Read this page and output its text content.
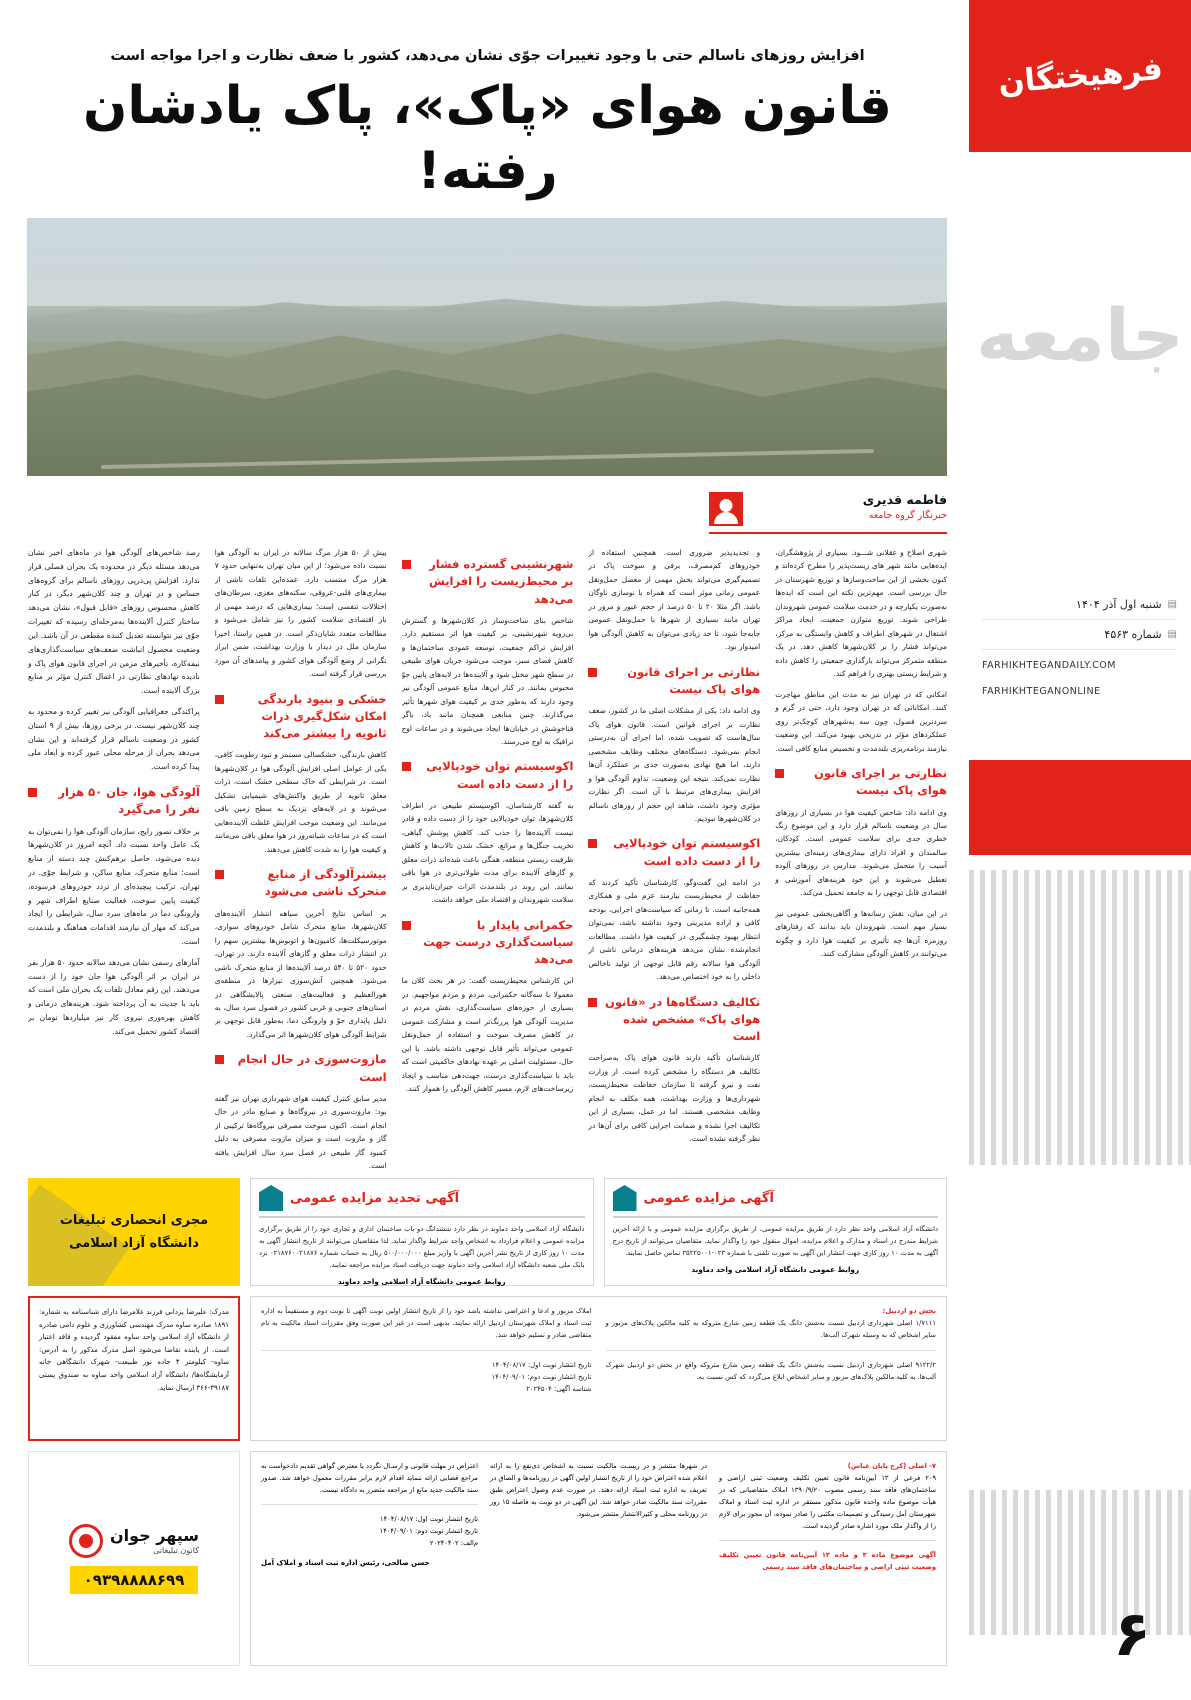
فرهیختگان
جامعه
▤
شنبه اول آذر ۱۴۰۴
▤
شماره ۴۵۶۳
FARHIKHTEGANDAILY.COM
FARHIKHTEGANONLINE
۶
افزایش روزهای ناسالم حتی با وجود تغییرات جوّی نشان می‌دهد، کشور با ضعف نظارت و اجرا مواجه است
قانون هوای «پاک»، پاک یادشان رفته!
فاطمه قدیری
خبرنگار گروه جامعه

رصد شاخص‌های آلودگی هوا در ماه‌های اخیر نشان می‌دهد مسئله دیگر در محدوده یک بحران فصلی قرار ندارد. افزایش پی‌درپی روزهای ناسالم برای گروه‌های حساس و در تهران و چند کلان‌شهر دیگر، در کنار کاهش محسوس روزهای «قابل قبول»، نشان می‌دهد ساختار کنترل آلاینده‌ها به‌مرحله‌ای رسیده که تغییرات جوّی نیز نتوانسته تعدیل کننده مقطعی در آن باشد. این وضعیت محصول انباشت ضعف‌های سیاست‌گذاری‌های نیمه‌کاره، تأخیرهای مزمن در اجرای قانون هوای پاک و نادیده نهادهای نظارتی در اعمال کنترل مؤثر بر منابع بزرگ آلاینده است.

پراکندگی جغرافیایی آلودگی نیز تغییر کرده و محدود به چند کلان‌شهر نیست. در برخی روزها، بیش از ۹ استان کشور در وضعیت ناسالم قرار گرفته‌اند و این نشان می‌دهد بحران از مرحله محلی عبور کرده و ابعاد ملی پیدا کرده است.

آلودگی هوا، جان ۵۰ هزار نفر را می‌گیرد

بر خلاف تصور رایج، سازمان آلودگی هوا را نمی‌توان به یک عامل واحد نسبت داد. آنچه امروز در کلان‌شهرها دیده می‌شود، حاصل برهم‌کنش چند دسته از منابع است: منابع متحرک، منابع ساکن، و شرایط جوّی. در تهران، ترکیب پیچیده‌ای از تردد خودروهای فرسوده، کیفیت پایین سوخت، فعالیت صنایع اطراف شهر و وارونگی دما در ماه‌های سرد سال، شرایطی را ایجاد می‌کند که مهار آن نیازمند اقدامات هماهنگ و بلندمدت است.

آمارهای رسمی نشان می‌دهد سالانه حدود ۵۰ هزار نفر در ایران بر اثر آلودگی هوا جان خود را از دست می‌دهند. این رقم معادل تلفات یک بحران ملی است که باید با جدیت به آن پرداخته شود. هزینه‌های درمانی و کاهش بهره‌وری نیروی کار نیز میلیاردها تومان بر اقتصاد کشور تحمیل می‌کند.

پیش از ۵۰ هزار مرگ سالانه در ایران به آلودگی هوا نسبت داده می‌شود؛ از این میان تهران به‌تنهایی حدود ۷ هزار مرگ منتسب دارد. عمده‌این تلفات ناشی از بیماری‌های قلبی-عروقی، سکته‌های مغزی، سرطان‌های اختلالات تنفسی است؛ بیماری‌هایی که درصد مهمی از بار اقتصادی سلامت کشور را نیز شامل می‌شود و مطالعات متعدد شایان‌ذکر است. در همین راستا، اخیرا سازمان ملل در دیدار با وزارت بهداشت، ضمن ابراز نگرانی از وضع آلودگی هوای کشور و پیامدهای آن مورد بررسی قرار گرفته است.

خشکی و بنیود بارندگی امکان شکل‌گیری ذرات ثانویه را بیشتر می‌کند

کاهش بارندگی، خشکسالی مستمر و نبود رطوبت کافی، یکی از عوامل اصلی افزایش آلودگی هوا در کلان‌شهرها است. در شرایطی که خاک سطحی خشک است، ذرات معلق ثانویه از طریق واکنش‌های شیمیایی تشکیل می‌شوند و در لایه‌های نزدیک به سطح زمین باقی می‌مانند. این وضعیت موجب افزایش غلظت آلاینده‌هایی است که در ساعات شبانه‌روز در هوا معلق باقی می‌مانند و کیفیت هوا را به شدت کاهش می‌دهند.

بیشترآلودگی از منابع متحرک ناشی می‌شود

بر اساس نتایج آخرین سیاهه انتشار آلاینده‌های کلان‌شهرها، منابع متحرک شامل خودروهای سواری، موتورسیکلت‌ها، کامیون‌ها و اتوبوس‌ها بیشترین سهم را در انتشار ذرات معلق و گازهای آلاینده دارند. در تهران، حدود ۵۲۰ تا ۵۴۰ درصد آلاینده‌ها از منابع متحرک ناشی می‌شود. همچنین آتش‌سوزی نیزارها در منطقه‌ی هورالعظیم و فعالیت‌های صنعتی پالایشگاهی در استان‌های جنوبی و غربی کشور در فصول سرد سال، به دلیل پایداری جوّ و وارونگی دما، به‌طور قابل توجهی بر شرایط آلودگی هوای کلان‌شهرها اثر می‌گذارد.

مازوت‌سوزی در حال انجام است

مدیر سابق کنترل کیفیت هوای شهرداری تهران نیز گفته بود: مازوت‌سوزی در نیروگاه‌ها و صنایع مادر در حال انجام است. اکنون سوخت مصرفی نیروگاه‌ها ترکیبی از گاز و مازوت است و میزان مازوت مصرفی به دلیل کمبود گاز طبیعی در فصل سرد سال افزایش یافته است.

شهرنشینی گسترده فشار بر محیط‌زیست را افزایش می‌دهد

شاخص بنای ساخت‌وساز در کلان‌شهرها و گسترش بی‌رویه شهرنشینی، بر کیفیت هوا اثر مستقیم دارد. افزایش تراکم جمعیت، توسعه عمودی ساختمان‌ها و کاهش فضای سبز، موجب می‌شود جریان هوای طبیعی در سطح شهر مختل شود و آلاینده‌ها در لایه‌های پایین جوّ محبوس بمانند. در کنار این‌ها، منابع عمومی آلودگی نیز وجود دارند که به‌طور جدی بر کیفیت هوای شهرها تأثیر می‌گذارند. چنین منابعی همچنان مانند باد، باگر فناخوشش در خیابان‌ها ایجاد می‌شوند و در ساعات اوج ترافیک به اوج می‌رسند.

اکوسیستم توان خودپالایی را از دست داده است

به گفته کارشناسان، اکوسیستم طبیعی در اطراف کلان‌شهرها، توان خودپالایی خود را از دست داده و قادر نیست آلاینده‌ها را جذب کند. کاهش پوشش گیاهی، تخریب جنگل‌ها و مراتع، خشک شدن تالاب‌ها و کاهش ظرفیت زیستی منطقه، همگی باعث شده‌اند ذرات معلق و گازهای آلاینده برای مدت طولانی‌تری در هوا باقی بمانند. این روند در بلندمدت اثرات جبران‌ناپذیری بر سلامت شهروندان و اقتصاد ملی خواهد داشت.

حکمرانی پایدار با سیاست‌گذاری درست جهت می‌دهد

این کارشناس محیط‌زیست گفت: در هر بحث کلان ما معمولا با سه‌گانه حکمرانی، مردم و مردم مواجهیم. در بسیاری از حوزه‌های سیاست‌گذاری، نقش مردم در مدیریت آلودگی هوا پررنگ‌تر است و مشارکت عمومی در کاهش مصرف سوخت و استفاده از حمل‌ونقل عمومی می‌تواند تأثیر قابل توجهی داشته باشد. با این حال، مسئولیت اصلی بر عهده نهادهای حاکمیتی است که باید با سیاست‌گذاری درست، جهت‌دهی مناسب و ایجاد زیرساخت‌های لازم، مسیر کاهش آلودگی را هموار کنند.

و تجدیدپذیر ضروری است. همچنین استفاده از خودروهای کم‌مصرف، برقی و سوخت پاک در تصمیم‌گیری می‌تواند بخش مهمی از معضل حمل‌ونقل عمومی زمانی موثر است که همراه با نوسازی ناوگان باشد. اگر مثلا ۲۰ تا ۵۰ درصد از حجم عبور و مرور در تهران مانند بسیاری از شهرها با حمل‌ونقل عمومی جابه‌جا شود، تا حد زیادی می‌توان به کاهش آلودگی هوا امیدوار بود.

نظارتی بر اجرای قانون هوای پاک نیست

وی ادامه داد: یکی از مشکلات اصلی ما در کشور، ضعف نظارت بر اجرای قوانین است. قانون هوای پاک سال‌هاست که تصویب شده، اما اجرای آن به‌درستی انجام نمی‌شود. دستگاه‌های مختلف وظایف مشخصی دارند، اما هیچ نهادی به‌صورت جدی بر عملکرد آن‌ها نظارت نمی‌کند. نتیجه این وضعیت، تداوم آلودگی هوا و افزایش بیماری‌های مرتبط با آن است. اگر نظارت مؤثری وجود داشت، شاهد این حجم از روزهای ناسالم در کلان‌شهرها نبودیم.

اکوسیستم توان خودپالایی را از دست داده است

در ادامه این گفت‌وگو، کارشناسان تأکید کردند که حفاظت از محیط‌زیست نیازمند عزم ملی و همکاری همه‌جانبه است. تا زمانی که سیاست‌های اجرایی، بودجه کافی و اراده مدیریتی وجود نداشته باشد، نمی‌توان انتظار بهبود چشمگیری در کیفیت هوا داشت. مطالعات انجام‌شده نشان می‌دهد هزینه‌های درمانی ناشی از آلودگی هوا سالانه رقم قابل توجهی از تولید ناخالص داخلی را به خود اختصاص می‌دهد.

تکالیف دستگاه‌ها در «قانون هوای پاک» مشخص شده است

کارشناسان تأکید دارند قانون هوای پاک به‌صراحت تکالیف هر دستگاه را مشخص کرده است. از وزارت نفت و نیرو گرفته تا سازمان حفاظت محیط‌زیست، شهرداری‌ها و وزارت بهداشت، همه مکلف به انجام وظایف مشخصی هستند. اما در عمل، بسیاری از این تکالیف اجرا نشده و ضمانت اجرایی کافی برای آن‌ها در نظر گرفته نشده است.

شهری اصلاح و عقلانی شـــود. بسیاری از پژوهشگران، ایده‌هایی مانند شهر های زیست‌پذیر را مطرح کرده‌اند و کنون بخشی از این ساخت‌وساز‌ها و توزیع شهرستان در حال بررسی است. مهم‌ترین نکته این است که ایده‌ها به‌صورت یکپارچه و در خدمت سلامت عمومی شهروندان طراحی شوند. توزیع متوازن جمعیت، ایجاد مراکز اشتغال در شهرهای اطراف و کاهش وابستگی به مرکز، می‌تواند فشار را بر کلان‌شهرها کاهش دهد. در یک منطقه متمرکز می‌تواند بارگذاری جمعیتی را کاهش داده و شرایط زیستی بهتری را فراهم کند.

امکانی که در تهران نیز به مدت این مناطق مهاجرت کنند. امکاناتی که در تهران وجود دارد، حتی در گرم و سردترین فصول، چون سه به‌شهرهای کوچک‌تر روی عملکردهای مؤثر در تدریجی بهبود می‌کند. این وضعیت نیازمند برنامه‌ریزی بلندمدت و تخصیص منابع کافی است.

نظارتی بر اجرای قانون هوای پاک نیست

وی ادامه داد: شاخص کیفیت هوا در بسیاری از روزهای سال در وضعیت ناسالم قرار دارد و این موضوع زنگ خطری جدی برای سلامت عمومی است. کودکان، سالمندان و افراد دارای بیماری‌های زمینه‌ای بیشترین آسیب را متحمل می‌شوند. مدارس در روزهای آلوده تعطیل می‌شوند و این خود هزینه‌های آموزشی و اقتصادی قابل توجهی را به جامعه تحمیل می‌کند.

در این میان، نقش رسانه‌ها و آگاهی‌بخشی عمومی نیز بسیار مهم است. شهروندان باید بدانند که رفتارهای روزمره آن‌ها چه تأثیری بر کیفیت هوا دارد و چگونه می‌توانند در کاهش آلودگی مشارکت کنند.

مجری انحصاری تبلیغات
دانشگاه آزاد اسلامی
آگهی تجدید مزایده عمومی
دانشگاه آزاد اسلامی واحد دماوند در نظر دارد ششدانگ دو باب ساختمان اداری و تجاری خود را از طریق برگزاری مزایده عمومی و اعلام قرارداد به اشخاص واجد شرایط واگذار نماید. لذا متقاضیان می‌توانند از تاریخ انتشار آگهی به مدت ۱۰ روز کاری از تاریخ نشر آخرین آگهی با واریز مبلغ ۵۰۰/۰۰۰/۰۰۰ ریال به حساب شماره ۰۲۱۸۷۶۰۰۲۱۸۷۶ نزد بانک ملی شعبه دانشگاه آزاد اسلامی واحد دماوند جهت دریافت اسناد مزایده مراجعه نمایند.
روابط عمومی دانشگاه آزاد اسلامی واحد دماوند
آگهی مزایده عمومی
دانشگاه آزاد اسلامی واحد نظر دارد از طریق مزایده عمومی، از طریق برگزاری مزایده عمومی و با ارائه آخرین شرایط مندرج در اسناد و مدارک و اعلام مزایده، اموال منقول خود را واگذار نماید. متقاضیان می‌توانند از تاریخ درج آگهی به مدت ۱۰ روز کاری جهت انتشار این آگهی به صورت تلفنی با شماره ۰۲۳-۳۵۲۲۵۰۰۱ تماس حاصل نمایند.
روابط عمومی دانشگاه آزاد اسلامی واحد دماوند
مدرک: علیرضا یزدانی فرزند غلامرضا دارای شناسنامه به شماره: ۱۸۹۱ صادره ساوه مدرک مهندسی کشاورزی و علوم دامی صادره از دانشگاه آزاد اسلامی واحد ساوه مفقود گردیده و فاقد اعتبار است. از یابنده تقاضا می‌شود اصل مدرک مذکور را به آدرس: ساوه- کیلومتر ۴ جاده نور طبیعت- شهرک دانشگاهی خانه آزمایشگاه‌ها/ دانشگاه آزاد اسلامی واحد ساوه به صندوق پستی ۳۹۱۸۷-۳۶۶ ارسال نماید.
املاک مزبور و ادعا و اعتراضی نداشته باشد خود را از تاریخ انتشار اولین نوبت آگهی تا نوبت دوم و مستقیماً به اداره ثبت اسناد و املاک شهرستان اردبیل ارائه نمایند. بدیهی است در غیر این صورت وفق مقررات اسناد مالکیت به نام متقاضی صادر و تسلیم خواهد شد.
تاریخ انتشار نوبت اول: ۱۴۰۴/۰۸/۱۷
تاریخ انتشار نوبت دوم: ۱۴۰۴/۰۹/۰۱
شناسه آگهی: ۲۰۲۴۵۰۴
بخش دو اردبیل:
۱/۷۱۱۱ اصلی شهرداری اردبیل نسبت به‌شش دانگ یک قطعه زمین شارع متروکه به کلیه مالکین پلاک‌های مزبور و سایر اشخاص که به وسیله شهرک آلب‌ها.
۹۱۲۲/۲ اصلی شهرداری اردبیل نسبت به‌شش دانگ یک قطعه زمین شارع متروکه واقع در بخش دو اردبیل شهرک آلب‌ها. به کلیه مالکین پلاک‌های مزبور و سایر اشخاص ابلاغ می‌گردد که کس نسبت به.
سپهر جوان
کانون تبلیغاتی
۰۹۳۹۸۸۸۸۶۹۹
اعتراض در مهلت قانونی و ارسـال نگردد یا معترض گواهی تقدیم دادخواست به مراجع قضایی ارائه ننماید اقدام لازم برابر مقررات معمول خواهد شد. صدور سند مالکیت جدید مانع از مراجعه متضرر به دادگاه نیست.
تاریخ انتشار نوبت اول: ۱۴۰۴/۰۸/۱۷
تاریخ انتشار نوبت دوم: ۱۴۰۴/۰۹/۰۱
م‌الف: ۲۰۲۴۰۴۰۲
حسن صالحی، رئیس اداره ثبت اسناد و املاک آمل
در شهر‌ها منتشر و در ریسـت مالکیت نسبت به اشخاص ذی‌نفع را به ارائه اعلام شده اعتراض خود را از تاریخ انتشار اولین آگهی در روزنامه‌ها و الصاق در تعریف به اداره ثبت اسناد ارائه دهند. در صورت عدم وصول اعتراض طبق مقررات سند مالکیت صادر خواهد شد. این آگهی در دو نوبت به فاصله ۱۵ روز در روزنامه محلی و کثیرالانتشار منتشر می‌شود.
۷- اصلی (کرج پایان عباس)
۲۰۹ فرعی از ۱۳ آیین‌نامه قانون تعیین تکلیف وضعیت ثبتی اراضی و ساختمان‌های فاقد سند رسمی مصوب ۱۳۹۰/۹/۲۰ املاک متقاضیانی که در هیأت موضوع ماده واحده قانون مذکور مستقر در اداره ثبت اسناد و املاک شهرستان آمل رسیدگی و تصمیمات مکتبی را صادر نموده، آن مجوز برای لازم را از واگذار ملک مورد اشاره صادر گردیده است.
آگهی موضوع ماده ۳ و ماده ۱۳ آیین‌نامه قانون تعیین تکلیف وضعیت ثبتی اراضی و ساختمان‌های فاقد سند رسمی
